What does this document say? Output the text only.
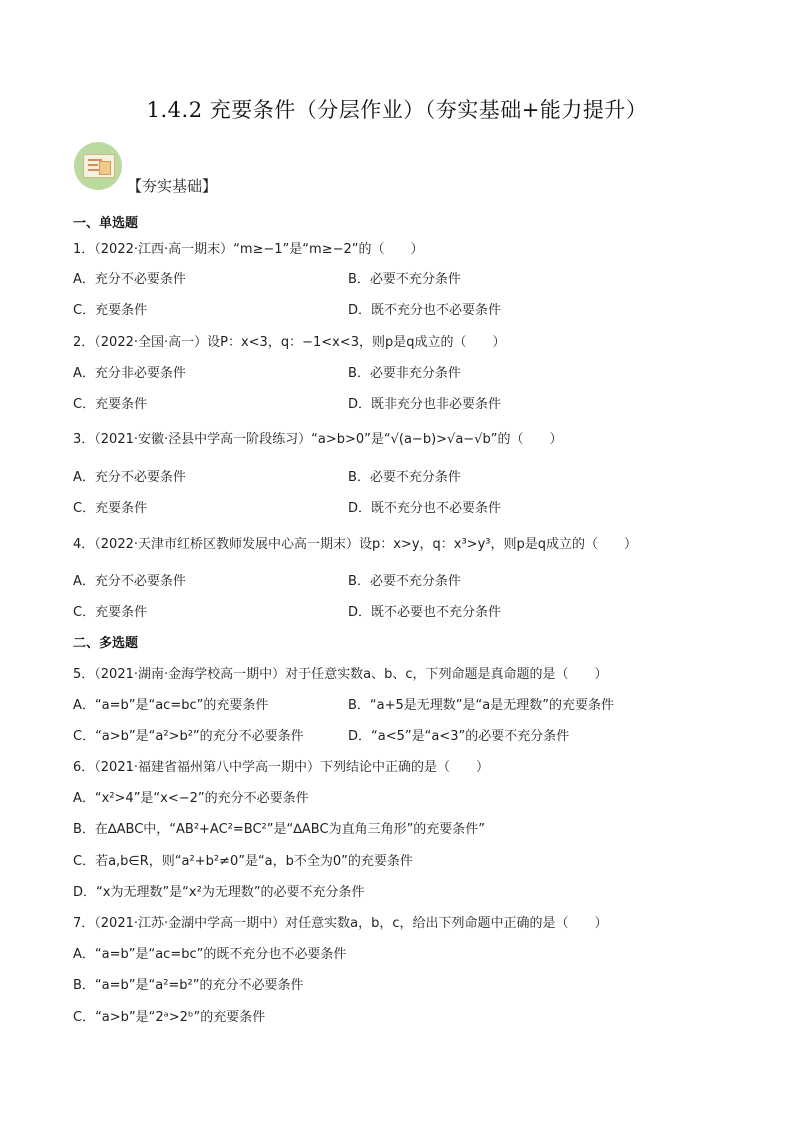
1.4.2 充要条件（分层作业）（夯实基础+能力提升）
【夯实基础】
一、单选题
1．（2022·江西·高一期末）“m≥−1”是“m≥−2”的（　　）
A．充分不必要条件	B．必要不充分条件
C．充要条件	D．既不充分也不必要条件
2．（2022·全国·高一）设P：x<3，q：−1<x<3，则p是q成立的（　　）
A．充分非必要条件	B．必要非充分条件
C．充要条件	D．既非充分也非必要条件
3．（2021·安徽·泾县中学高一阶段练习）“a>b>0”是“√(a−b)>√a−√b”的（　　）
A．充分不必要条件	B．必要不充分条件
C．充要条件	D．既不充分也不必要条件
4．（2022·天津市红桥区教师发展中心高一期末）设p：x>y，q：x³>y³，则p是q成立的（　　）
A．充分不必要条件	B．必要不充分条件
C．充要条件	D．既不必要也不充分条件
二、多选题
5．（2021·湖南·金海学校高一期中）对于任意实数a、b、c，下列命题是真命题的是（　　）
A．“a=b”是“ac=bc”的充要条件	B．“a+5是无理数”是“a是无理数”的充要条件
C．“a>b”是“a²>b²”的充分不必要条件	D．“a<5”是“a<3”的必要不充分条件
6．（2021·福建省福州第八中学高一期中）下列结论中正确的是（　　）
A．“x²>4”是“x<−2”的充分不必要条件
B．在∆ABC中，“AB²+AC²=BC²”是“∆ABC为直角三角形”的充要条件”
C．若a,b∈R，则“a²+b²≠0”是“a，b不全为0”的充要条件
D．“x为无理数”是“x²为无理数”的必要不充分条件
7．（2021·江苏·金湖中学高一期中）对任意实数a，b，c，给出下列命题中正确的是（　　）
A．“a=b”是“ac=bc”的既不充分也不必要条件
B．“a=b”是“a²=b²”的充分不必要条件
C．“a>b”是“2ᵃ>2ᵇ”的充要条件
